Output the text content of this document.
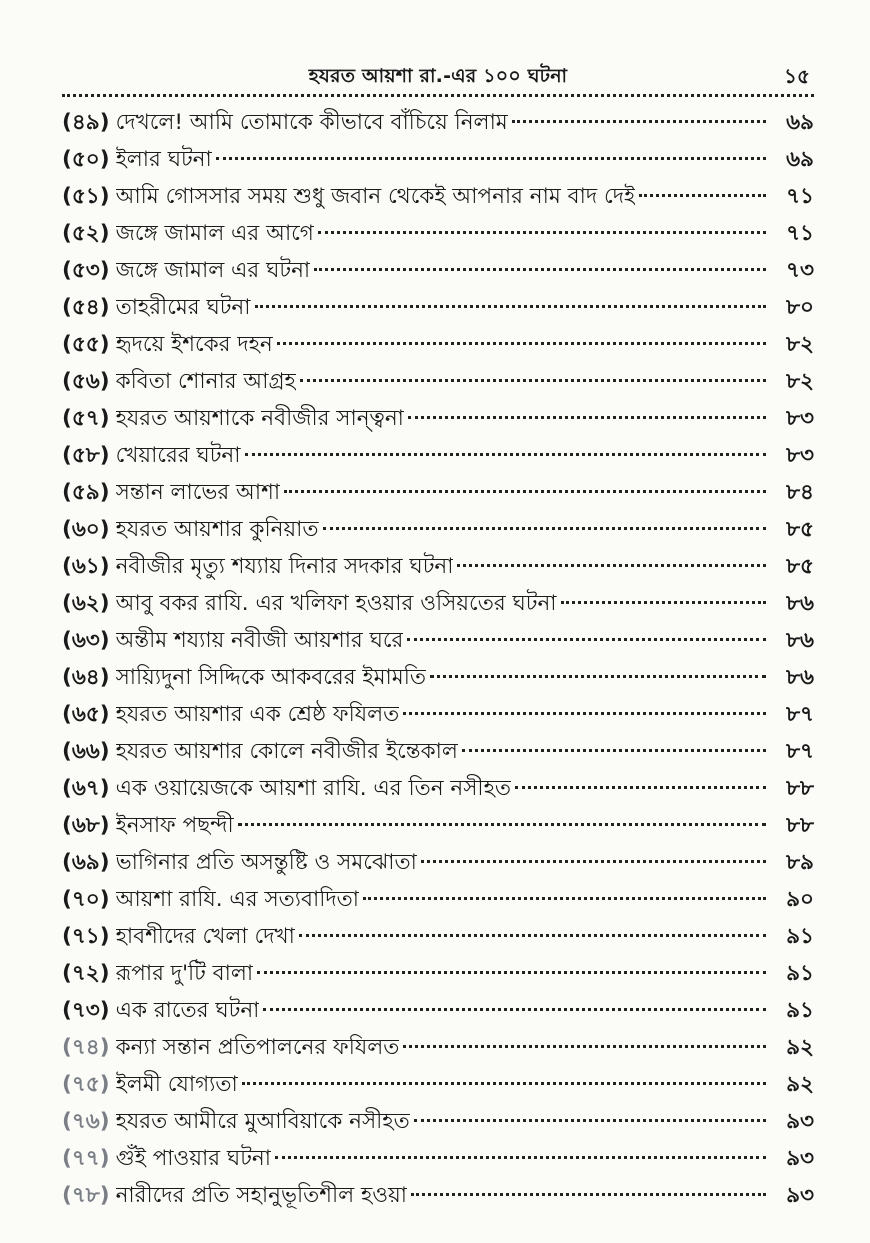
হযরত আয়শা রা.-এর ১০০ ঘটনা	১৫
(৪৯) দেখলে! আমি তোমাকে কীভাবে বাঁচিয়ে নিলাম	৬৯
(৫০) ইলার ঘটনা	৬৯
(৫১) আমি গোসসার সময় শুধু জবান থেকেই আপনার নাম বাদ দেই	৭১
(৫২) জঙ্গে জামাল এর আগে	৭১
(৫৩) জঙ্গে জামাল এর ঘটনা	৭৩
(৫৪) তাহরীমের ঘটনা	৮০
(৫৫) হৃদয়ে ইশকের দহন	৮২
(৫৬) কবিতা শোনার আগ্রহ	৮২
(৫৭) হযরত আয়শাকে নবীজীর সান্ত্বনা	৮৩
(৫৮) খেয়ারের ঘটনা	৮৩
(৫৯) সন্তান লাভের আশা	৮৪
(৬০) হযরত আয়শার কুনিয়াত	৮৫
(৬১) নবীজীর মৃত্যু শয্যায় দিনার সদকার ঘটনা	৮৫
(৬২) আবু বকর রাযি. এর খলিফা হওয়ার ওসিয়তের ঘটনা	৮৬
(৬৩) অন্তীম শয্যায় নবীজী আয়শার ঘরে	৮৬
(৬৪) সায়্যিদুনা সিদ্দিকে আকবরের ইমামতি	৮৬
(৬৫) হযরত আয়শার এক শ্রেষ্ঠ ফযিলত	৮৭
(৬৬) হযরত আয়শার কোলে নবীজীর ইন্তেকাল	৮৭
(৬৭) এক ওয়ায়েজকে আয়শা রাযি. এর তিন নসীহত	৮৮
(৬৮) ইনসাফ পছন্দী	৮৮
(৬৯) ভাগিনার প্রতি অসন্তুষ্টি ও সমঝোতা	৮৯
(৭০) আয়শা রাযি. এর সত্যবাদিতা	৯০
(৭১) হাবশীদের খেলা দেখা	৯১
(৭২) রূপার দু'টি বালা	৯১
(৭৩) এক রাতের ঘটনা	৯১
(৭৪) কন্যা সন্তান প্রতিপালনের ফযিলত	৯২
(৭৫) ইলমী যোগ্যতা	৯২
(৭৬) হযরত আমীরে মুআবিয়াকে নসীহত	৯৩
(৭৭) গুঁই পাওয়ার ঘটনা	৯৩
(৭৮) নারীদের প্রতি সহানুভূতিশীল হওয়া	৯৩
